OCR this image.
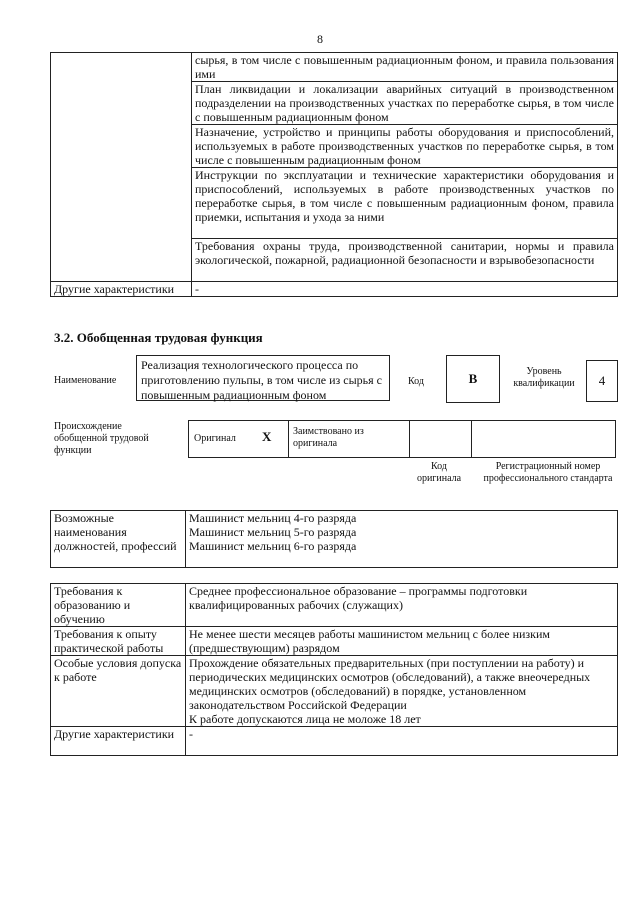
8
	сырья, в том числе с повышенным радиационным фоном, и правила пользования ими
	План ликвидации и локализации аварийных ситуаций в производственном подразделении на производственных участках по переработке сырья, в том числе с повышенным радиационным фоном
	Назначение, устройство и принципы работы оборудования и приспособлений, используемых в работе производственных участков по переработке сырья, в том числе с повышенным радиационным фоном
	Инструкции по эксплуатации и технические характеристики оборудования и приспособлений, используемых в работе производственных участков по переработке сырья, в том числе с повышенным радиационным фоном, правила приемки, испытания и ухода за ними
	Требования охраны труда, производственной санитарии, нормы и правила экологической, пожарной, радиационной безопасности и взрывобезопасности
Другие характеристики	-
3.2. Обобщенная трудовая функция
Наименование
Реализация технологического процесса по приготовлению пульпы, в том числе из сырья с повышенным радиационным фоном
Код	В	Уровень квалификации	4
Происхождение обобщенной трудовой функции
Оригинал X Заимствовано из оригинала
Код оригинала
Регистрационный номер профессионального стандарта
Возможные наименования должностей, профессий	
Машинист мельниц 4-го разряда
Машинист мельниц 5-го разряда
Машинист мельниц 6-го разряда
Требования к образованию и обучению	Среднее профессиональное образование – программы подготовки квалифицированных рабочих (служащих)
Требования к опыту практической работы	Не менее шести месяцев работы машинистом мельниц с более низким (предшествующим) разрядом
Особые условия допуска к работе	Прохождение обязательных предварительных (при поступлении на работу) и периодических медицинских осмотров (обследований), а также внеочередных медицинских осмотров (обследований) в порядке, установленном законодательством Российской Федерации
К работе допускаются лица не моложе 18 лет

Другие характеристики	-
